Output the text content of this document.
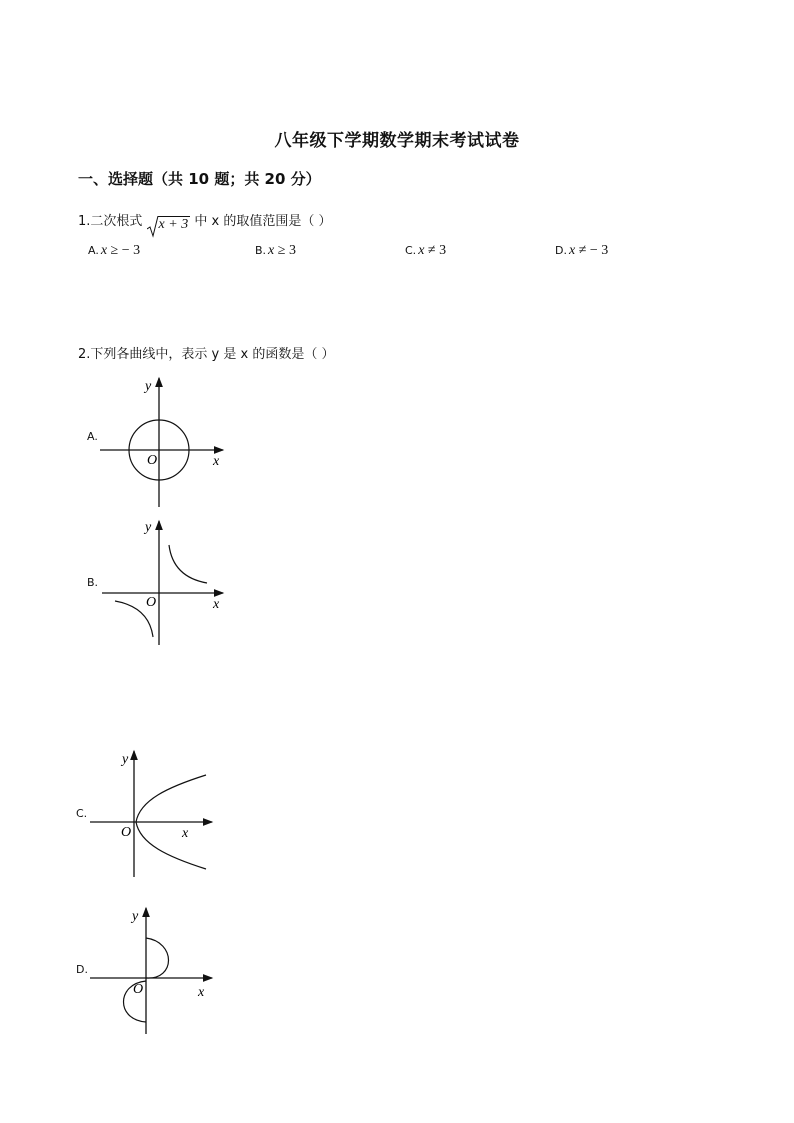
八年级下学期数学期末考试试卷
一、选择题（共 10 题；共 20 分）
1.二次根式 x + 3 中 x 的取值范围是（ ）
A. x ≥ − 3	B. x ≥ 3	C. x ≠ 3	D. x ≠ − 3
2.下列各曲线中，表示 y 是 x 的函数是（ ）
A.
y
O	x
B.
y
O	x
C.
y
O	x
D.
y
O	x
